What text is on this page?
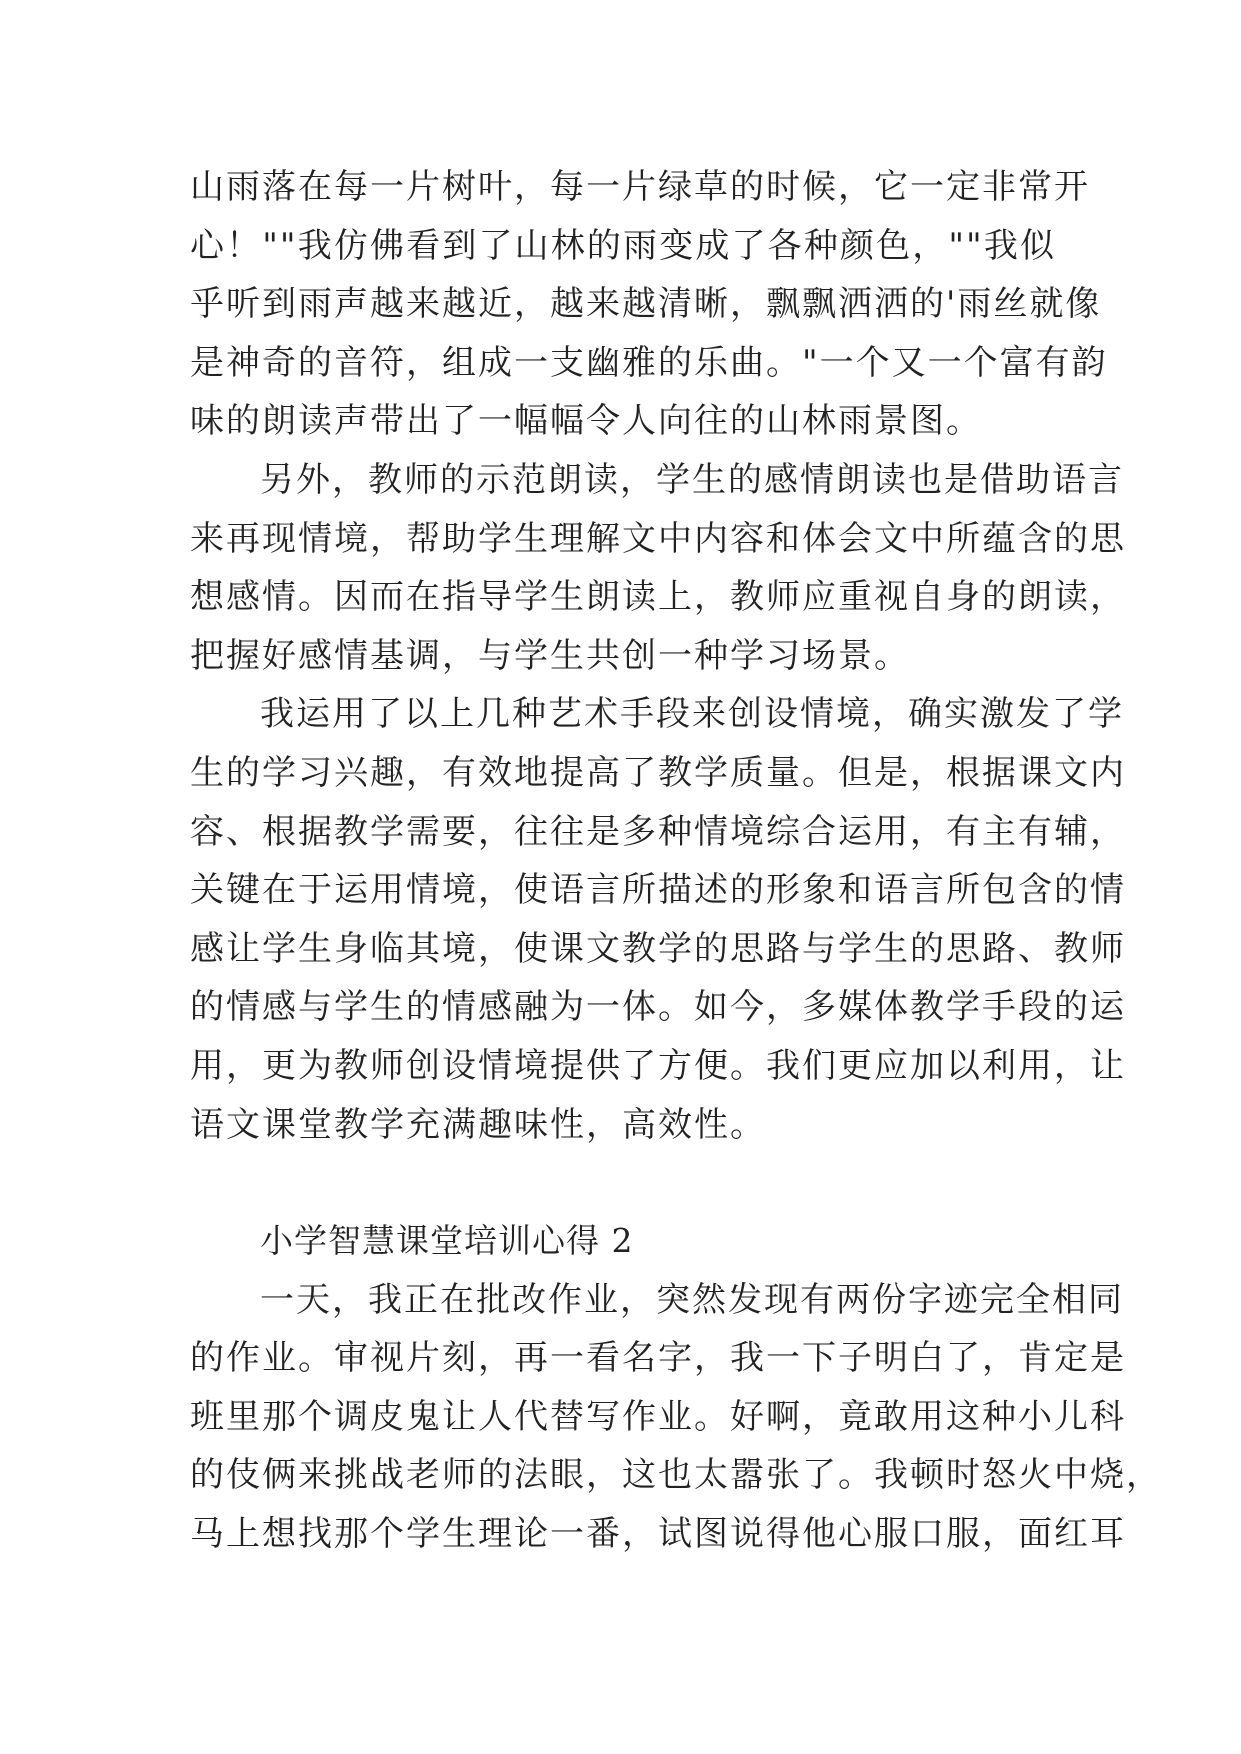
山雨落在每一片树叶，每一片绿草的时候，它一定非常开
心！""我仿佛看到了山林的雨变成了各种颜色，""我似
乎听到雨声越来越近，越来越清晰，飘飘洒洒的'雨丝就像
是神奇的音符，组成一支幽雅的乐曲。"一个又一个富有韵
味的朗读声带出了一幅幅令人向往的山林雨景图。
另外，教师的示范朗读，学生的感情朗读也是借助语言
来再现情境，帮助学生理解文中内容和体会文中所蕴含的思
想感情。因而在指导学生朗读上，教师应重视自身的朗读，
把握好感情基调，与学生共创一种学习场景。
我运用了以上几种艺术手段来创设情境，确实激发了学
生的学习兴趣，有效地提高了教学质量。但是，根据课文内
容、根据教学需要，往往是多种情境综合运用，有主有辅，
关键在于运用情境，使语言所描述的形象和语言所包含的情
感让学生身临其境，使课文教学的思路与学生的思路、教师
的情感与学生的情感融为一体。如今，多媒体教学手段的运
用，更为教师创设情境提供了方便。我们更应加以利用，让
语文课堂教学充满趣味性，高效性。
小学智慧课堂培训心得 2
一天，我正在批改作业，突然发现有两份字迹完全相同
的作业。审视片刻，再一看名字，我一下子明白了，肯定是
班里那个调皮鬼让人代替写作业。好啊，竟敢用这种小儿科
的伎俩来挑战老师的法眼，这也太嚣张了。我顿时怒火中烧，
马上想找那个学生理论一番，试图说得他心服口服，面红耳
